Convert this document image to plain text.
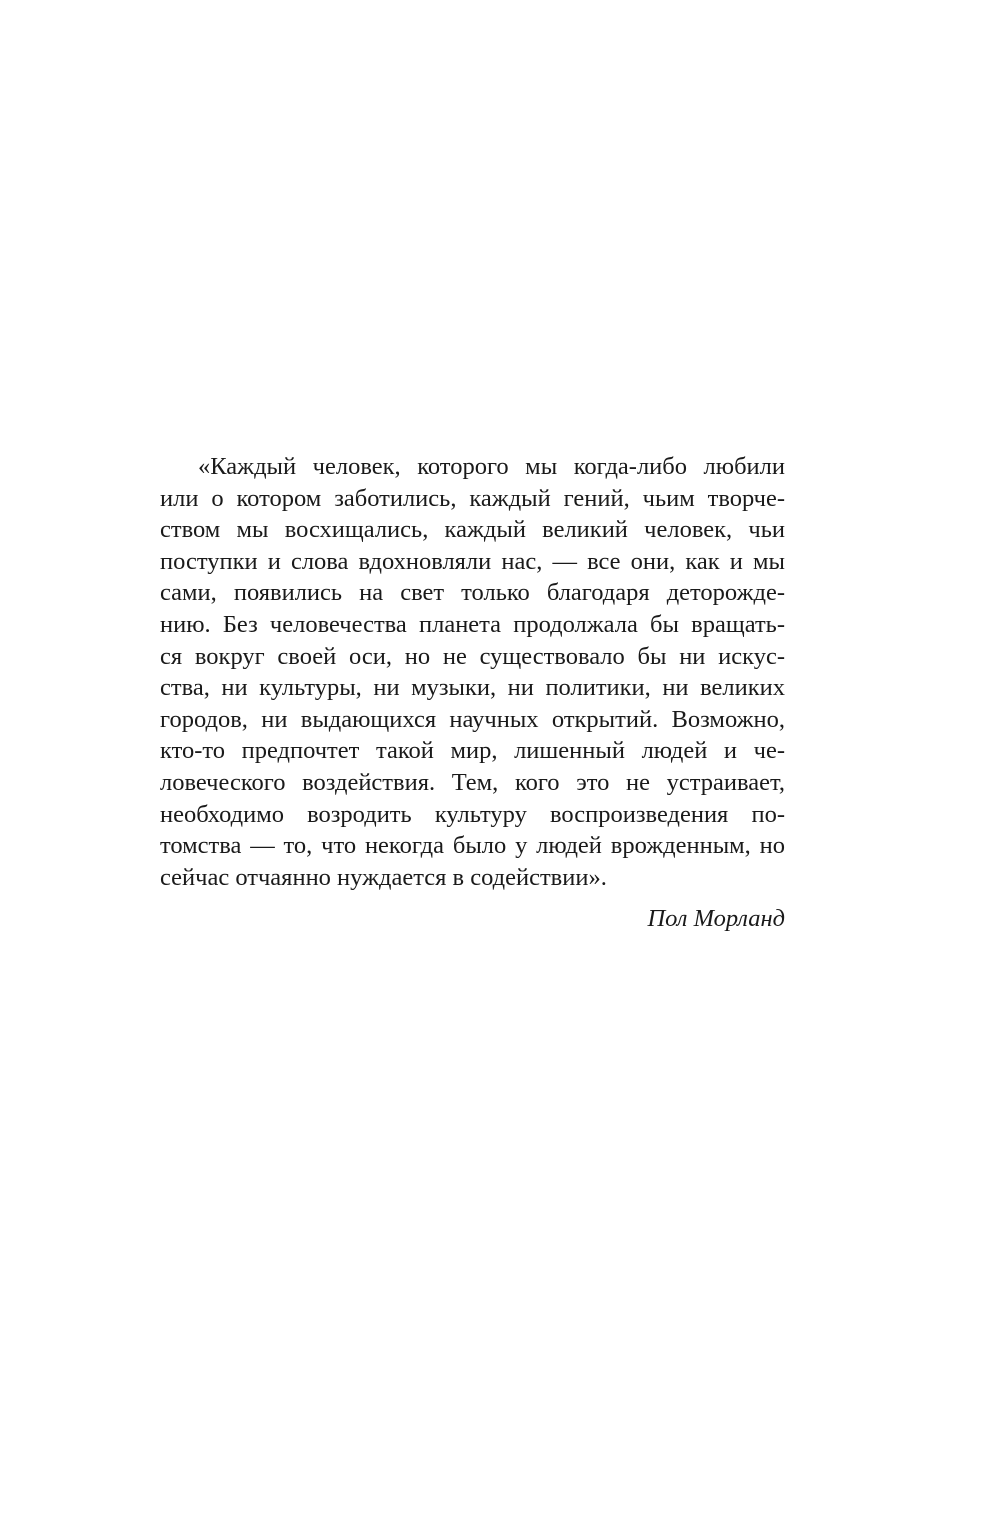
«Каждый человек, которого мы когда-либо любили
или о котором заботились, каждый гений, чьим творче-
ством мы восхищались, каждый великий человек, чьи
поступки и слова вдохновляли нас, — все они, как и мы
сами, появились на свет только благодаря деторожде-
нию. Без человечества планета продолжала бы вращать-
ся вокруг своей оси, но не существовало бы ни искус-
ства, ни культуры, ни музыки, ни политики, ни великих
городов, ни выдающихся научных открытий. Возможно,
кто-то предпочтет такой мир, лишенный людей и че-
ловеческого воздействия. Тем, кого это не устраивает,
необходимо возродить культуру воспроизведения по-
томства — то, что некогда было у людей врожденным, но
сейчас отчаянно нуждается в содействии».

Пол Морланд
